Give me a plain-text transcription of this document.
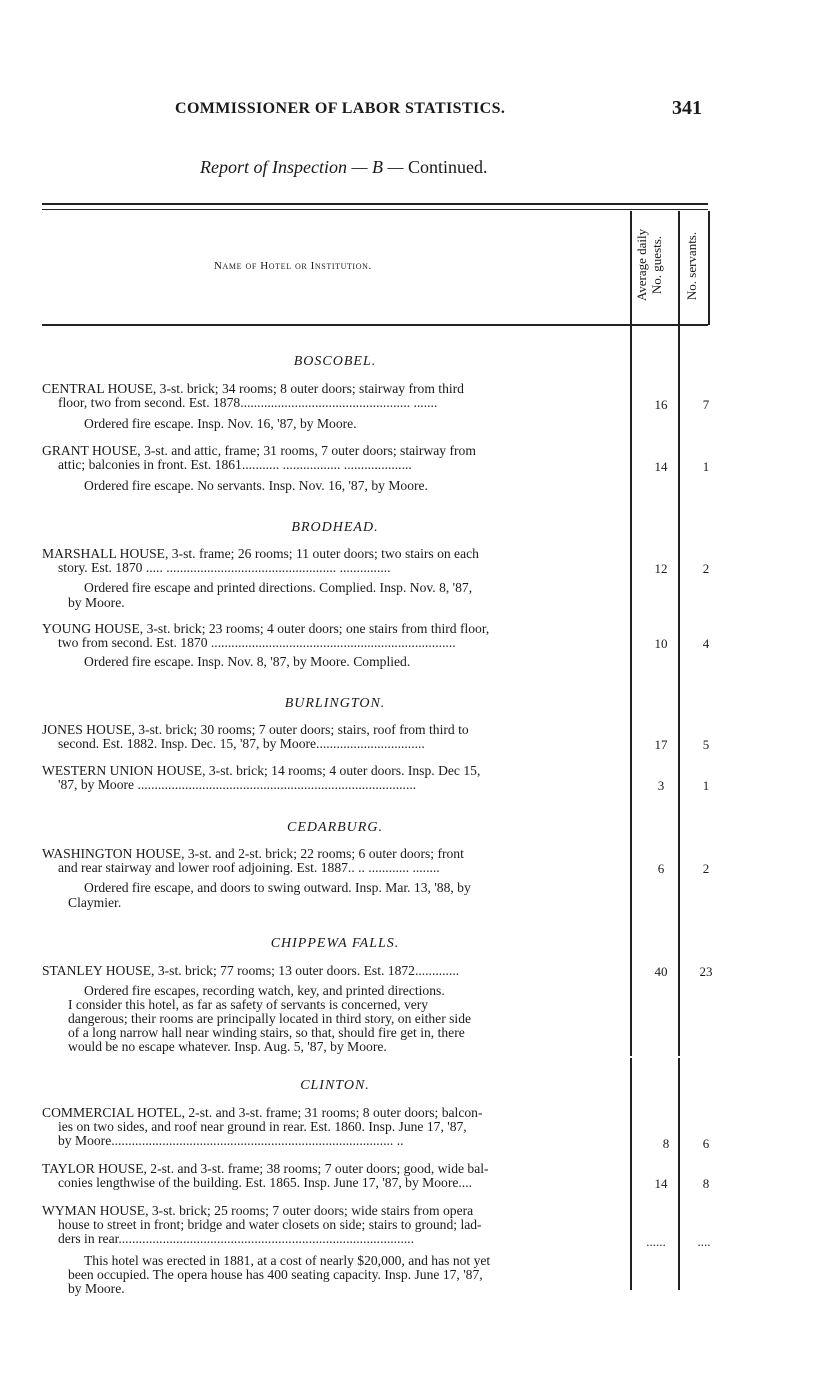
COMMISSIONER OF LABOR STATISTICS.	341
Report of Inspection — B — Continued.
Name of Hotel or Institution.	Average daily No. guests. No. servants.
BOSCOBEL.
CENTRAL HOUSE, 3-st. brick; 34 rooms; 8 outer doors; stairway from third
floor, two from second. Est. 1878.................................................. .......
Ordered fire escape. Insp. Nov. 16, '87, by Moore.
16	7
GRANT HOUSE, 3-st. and attic, frame; 31 rooms, 7 outer doors; stairway from
attic; balconies in front. Est. 1861........... ................. ....................
Ordered fire escape. No servants. Insp. Nov. 16, '87, by Moore.
14	1
BRODHEAD.
MARSHALL HOUSE, 3-st. frame; 26 rooms; 11 outer doors; two stairs on each
story. Est. 1870 ..... .................................................. ...............
Ordered fire escape and printed directions. Complied. Insp. Nov. 8, '87,
by Moore.
12	2
YOUNG HOUSE, 3-st. brick; 23 rooms; 4 outer doors; one stairs from third floor,
two from second. Est. 1870 ........................................................................
Ordered fire escape. Insp. Nov. 8, '87, by Moore. Complied.
10	4
BURLINGTON.
JONES HOUSE, 3-st. brick; 30 rooms; 7 outer doors; stairs, roof from third to
second. Est. 1882. Insp. Dec. 15, '87, by Moore................................	17	5
WESTERN UNION HOUSE, 3-st. brick; 14 rooms; 4 outer doors. Insp. Dec 15,
'87, by Moore ..................................................................................	3	1
CEDARBURG.
WASHINGTON HOUSE, 3-st. and 2-st. brick; 22 rooms; 6 outer doors; front
and rear stairway and lower roof adjoining. Est. 1887.. .. ............ ........
Ordered fire escape, and doors to swing outward. Insp. Mar. 13, '88, by
Claymier.
6	2
CHIPPEWA FALLS.
STANLEY HOUSE, 3-st. brick; 77 rooms; 13 outer doors. Est. 1872.............
Ordered fire escapes, recording watch, key, and printed directions.
I consider this hotel, as far as safety of servants is concerned, very
dangerous; their rooms are principally located in third story, on either side
of a long narrow hall near winding stairs, so that, should fire get in, there
would be no escape whatever. Insp. Aug. 5, '87, by Moore.
40	23
CLINTON.
COMMERCIAL HOTEL, 2-st. and 3-st. frame; 31 rooms; 8 outer doors; balcon-
ies on two sides, and roof near ground in rear. Est. 1860. Insp. June 17, '87,
by Moore................................................................................... ..	8	6
TAYLOR HOUSE, 2-st. and 3-st. frame; 38 rooms; 7 outer doors; good, wide bal-
conies lengthwise of the building. Est. 1865. Insp. June 17, '87, by Moore....	14	8
WYMAN HOUSE, 3-st. brick; 25 rooms; 7 outer doors; wide stairs from opera
house to street in front; bridge and water closets on side; stairs to ground; lad-
ders in rear.......................................................................................	......	....
This hotel was erected in 1881, at a cost of nearly $20,000, and has not yet
been occupied. The opera house has 400 seating capacity. Insp. June 17, '87,
by Moore.
